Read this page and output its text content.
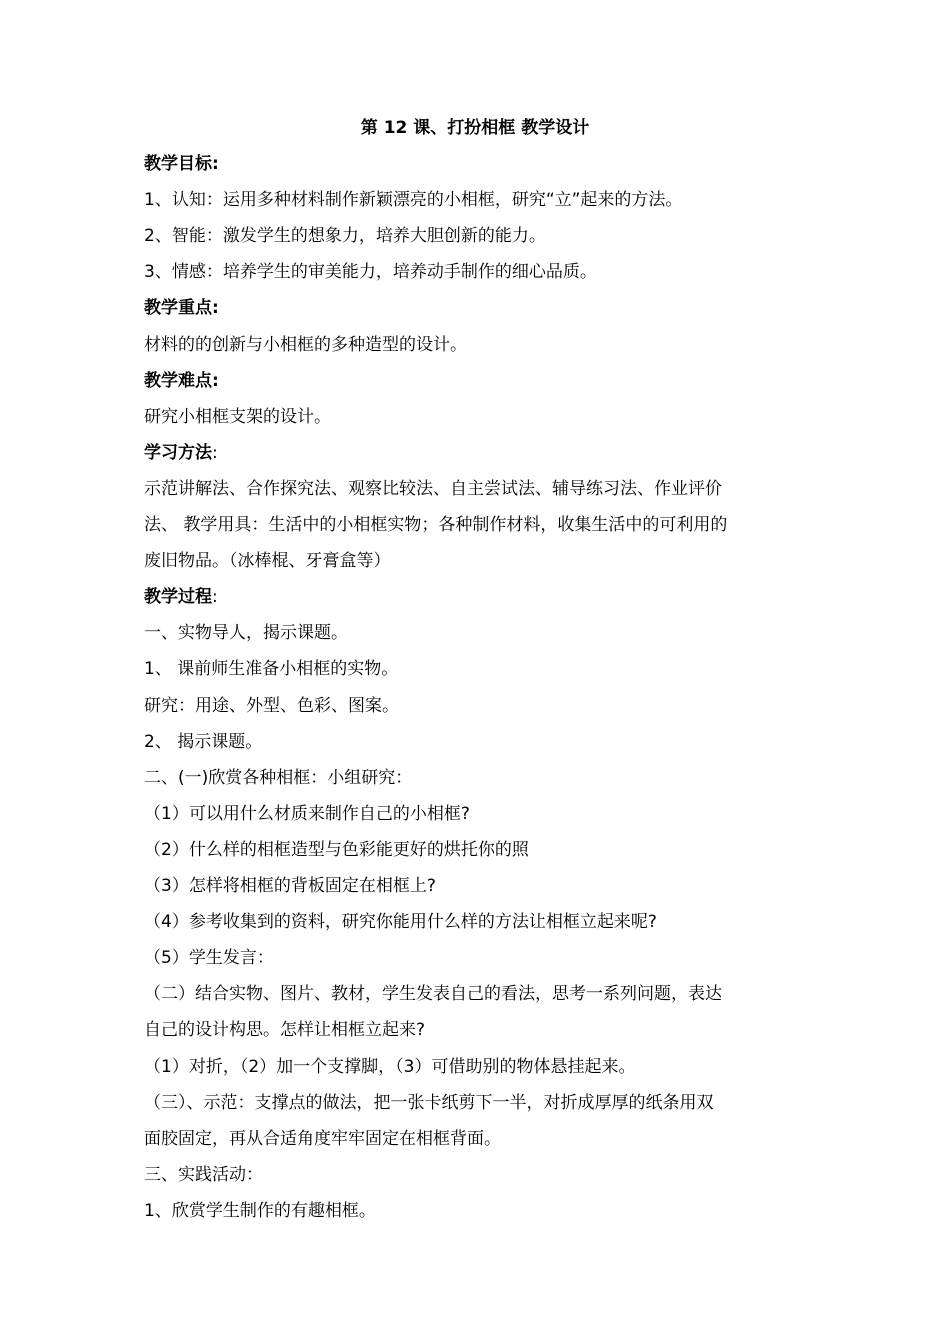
第 12 课、打扮相框 教学设计
教学目标:
1、认知：运用多种材料制作新颖漂亮的小相框，研究“立”起来的方法。
2、智能：激发学生的想象力，培养大胆创新的能力。
3、情感：培养学生的审美能力，培养动手制作的细心品质。
教学重点:
材料的的创新与小相框的多种造型的设计。
教学难点:
研究小相框支架的设计。
学习方法:
示范讲解法、合作探究法、观察比较法、自主尝试法、辅导练习法、作业评价
法、 教学用具：生活中的小相框实物；各种制作材料，收集生活中的可利用的
废旧物品。（冰棒棍、牙膏盒等）
教学过程:
一、实物导人，揭示课题。
1、 课前师生准备小相框的实物。
研究：用途、外型、色彩、图案。
2、 揭示课题。
二、(一)欣赏各种相框：小组研究：
（1）可以用什么材质来制作自己的小相框?
（2）什么样的相框造型与色彩能更好的烘托你的照
（3）怎样将相框的背板固定在相框上?
（4）参考收集到的资料，研究你能用什么样的方法让相框立起来呢?
（5）学生发言：
（二）结合实物、图片、教材，学生发表自己的看法，思考一系列问题，表达
自己的设计构思。怎样让相框立起来?
（1）对折，（2）加一个支撑脚，（3）可借助别的物体悬挂起来。
（三）、示范：支撑点的做法，把一张卡纸剪下一半，对折成厚厚的纸条用双
面胶固定，再从合适角度牢牢固定在相框背面。
三、实践活动：
1、欣赏学生制作的有趣相框。
